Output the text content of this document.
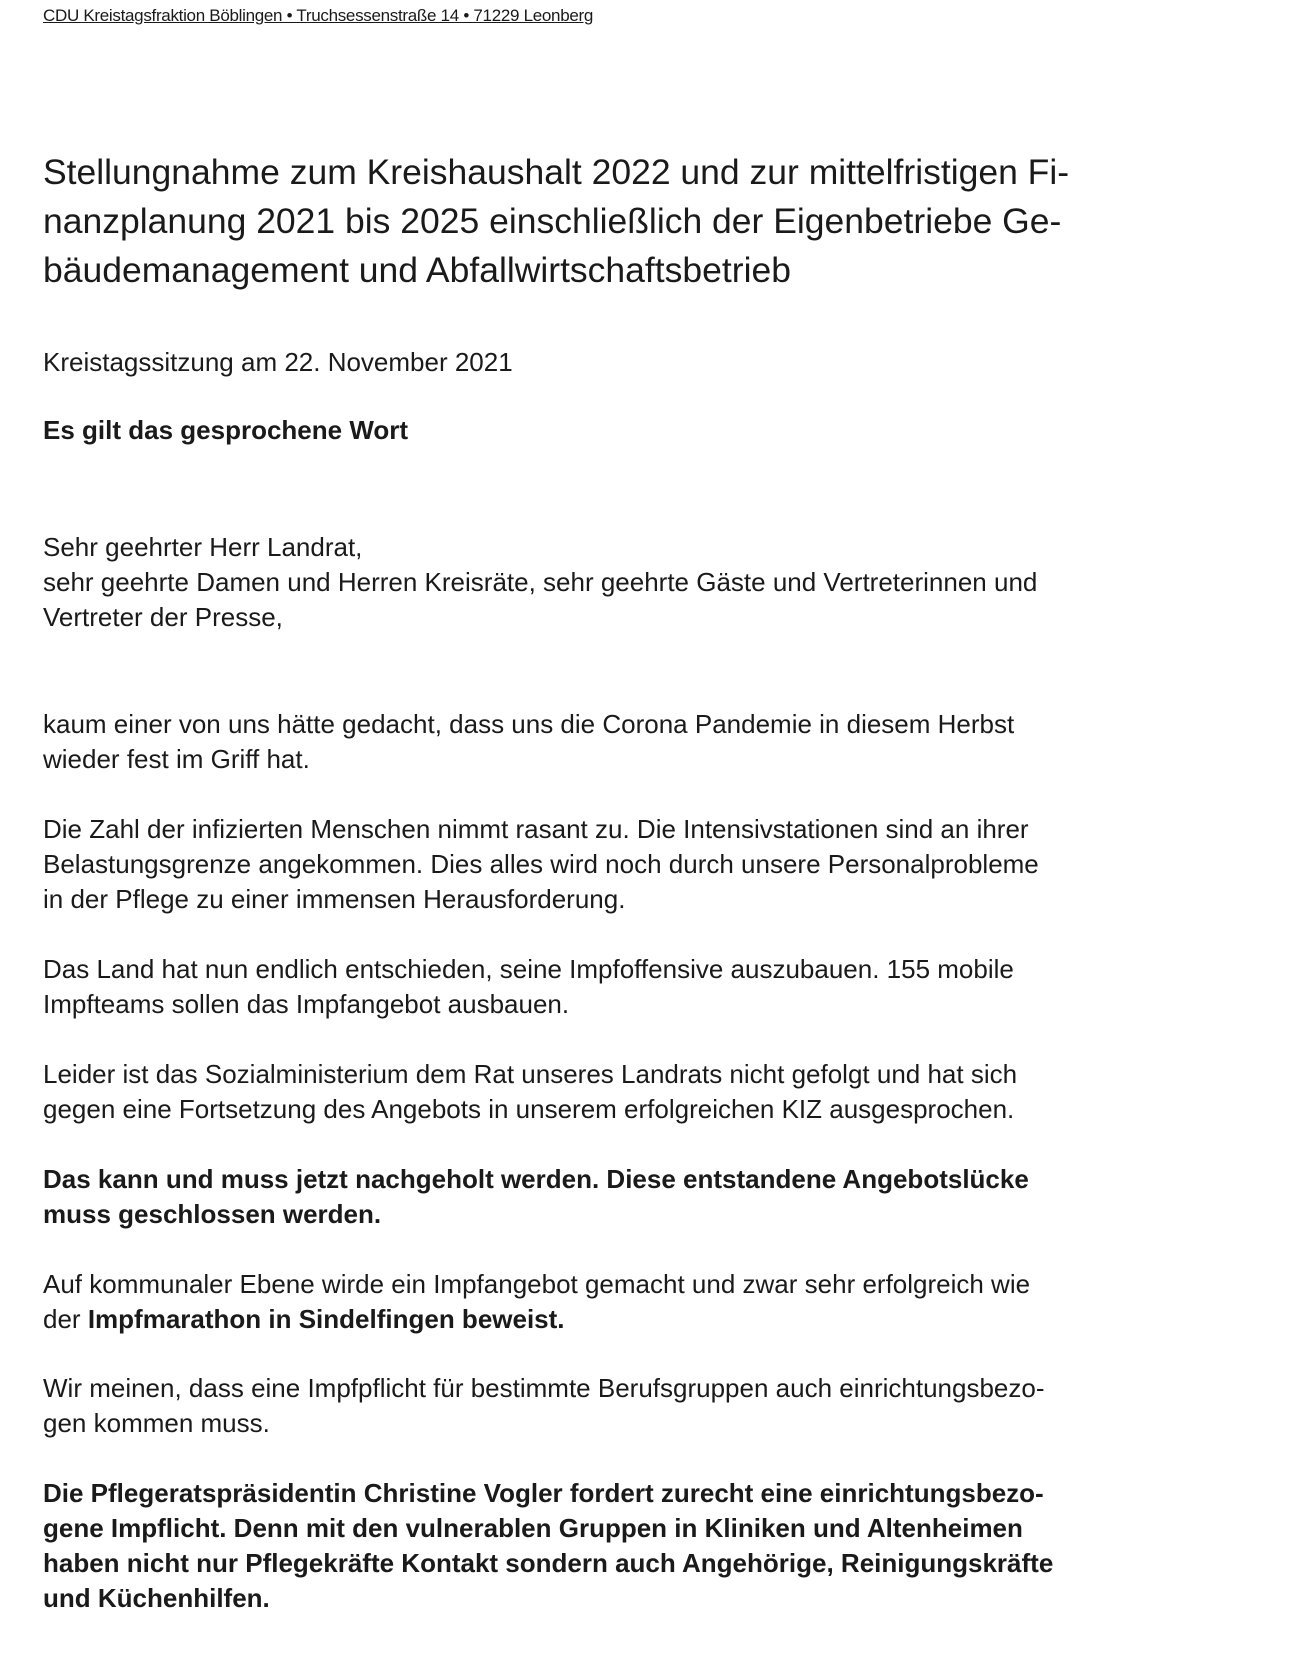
CDU Kreistagsfraktion Böblingen • Truchsessenstraße 14 • 71229 Leonberg
Stellungnahme zum Kreishaushalt 2022 und zur mittelfristigen Fi-
nanzplanung 2021 bis 2025 einschließlich der Eigenbetriebe Ge-
bäudemanagement und Abfallwirtschaftsbetrieb
Kreistagssitzung am 22. November 2021
Es gilt das gesprochene Wort
Sehr geehrter Herr Landrat,
sehr geehrte Damen und Herren Kreisräte, sehr geehrte Gäste und Vertreterinnen und
Vertreter der Presse,
kaum einer von uns hätte gedacht, dass uns die Corona Pandemie in diesem Herbst
wieder fest im Griff hat.
Die Zahl der infizierten Menschen nimmt rasant zu. Die Intensivstationen sind an ihrer
Belastungsgrenze angekommen. Dies alles wird noch durch unsere Personalprobleme
in der Pflege zu einer immensen Herausforderung.
Das Land hat nun endlich entschieden, seine Impfoffensive auszubauen. 155 mobile
Impfteams sollen das Impfangebot ausbauen.
Leider ist das Sozialministerium dem Rat unseres Landrats nicht gefolgt und hat sich
gegen eine Fortsetzung des Angebots in unserem erfolgreichen KIZ ausgesprochen.
Das kann und muss jetzt nachgeholt werden. Diese entstandene Angebotslücke
muss geschlossen werden.
Auf kommunaler Ebene wirde ein Impfangebot gemacht und zwar sehr erfolgreich wie
der Impfmarathon in Sindelfingen beweist.
Wir meinen, dass eine Impfpflicht für bestimmte Berufsgruppen auch einrichtungsbezo-
gen kommen muss.
Die Pflegeratspräsidentin Christine Vogler fordert zurecht eine einrichtungsbezo-
gene Impflicht. Denn mit den vulnerablen Gruppen in Kliniken und Altenheimen
haben nicht nur Pflegekräfte Kontakt sondern auch Angehörige, Reinigungskräfte
und Küchenhilfen.
